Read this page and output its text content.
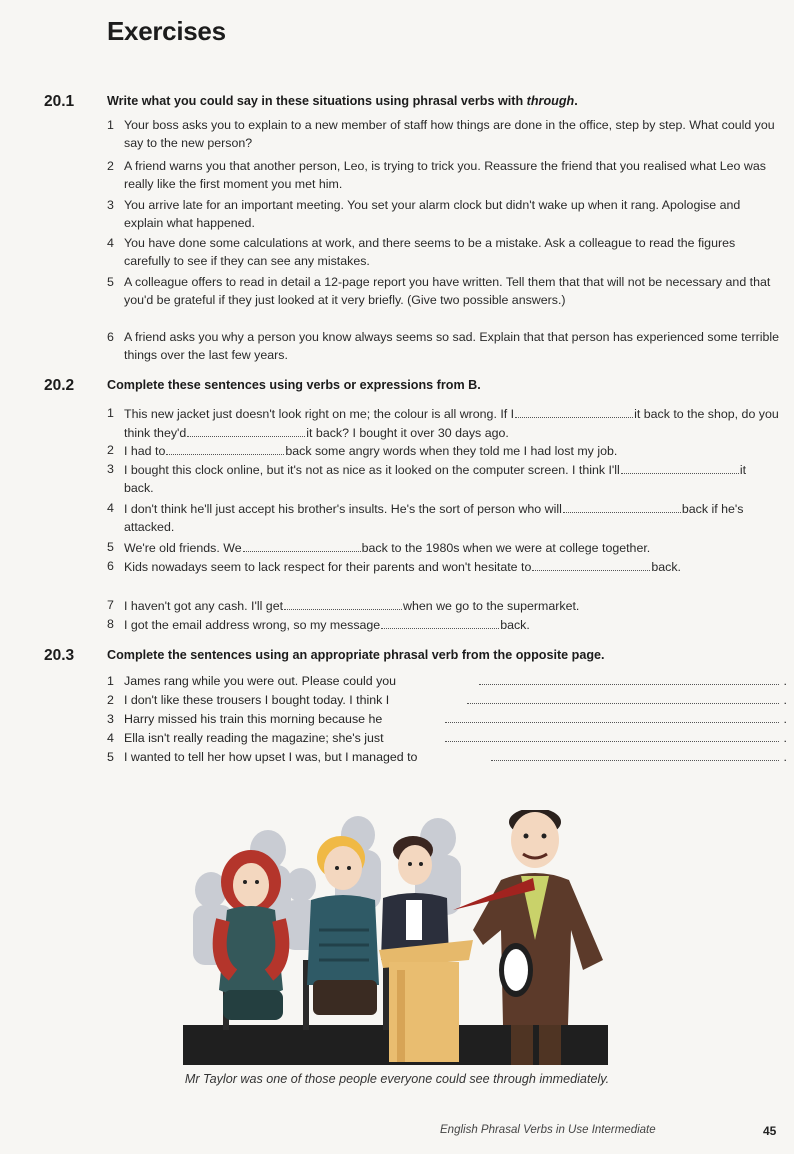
Exercises
20.1	Write what you could say in these situations using phrasal verbs with through.
1 Your boss asks you to explain to a new member of staff how things are done in the office, step by step. What could you say to the new person?
2 A friend warns you that another person, Leo, is trying to trick you. Reassure the friend that you realised what Leo was really like the first moment you met him.
3 You arrive late for an important meeting. You set your alarm clock but didn't wake up when it rang. Apologise and explain what happened.
4 You have done some calculations at work, and there seems to be a mistake. Ask a colleague to read the figures carefully to see if they can see any mistakes.
5 A colleague offers to read in detail a 12-page report you have written. Tell them that that will not be necessary and that you'd be grateful if they just looked at it very briefly. (Give two possible answers.)
6 A friend asks you why a person you know always seems so sad. Explain that that person has experienced some terrible things over the last few years.
20.2	Complete these sentences using verbs or expressions from B.
1 This new jacket just doesn't look right on me; the colour is all wrong. If I	it back to the shop, do you think they'd	it back? I bought it over 30 days ago.
2 I had to	back some angry words when they told me I had lost my job.
3 I bought this clock online, but it's not as nice as it looked on the computer screen. I think I'll	it back.
4 I don't think he'll just accept his brother's insults. He's the sort of person who will	back if he's attacked.
5 We're old friends. We	back to the 1980s when we were at college together.
6 Kids nowadays seem to lack respect for their parents and won't hesitate to	back.
7 I haven't got any cash. I'll get	when we go to the supermarket.
8 I got the email address wrong, so my message	back.
20.3	Complete the sentences using an appropriate phrasal verb from the opposite page.
1 James rang while you were out. Please could you	.
2 I don't like these trousers I bought today. I think I	.
3 Harry missed his train this morning because he	.
4 Ella isn't really reading the magazine; she's just	.
5 I wanted to tell her how upset I was, but I managed to	.
Mr Taylor was one of those people everyone could see through immediately.
English Phrasal Verbs in Use Intermediate	45
